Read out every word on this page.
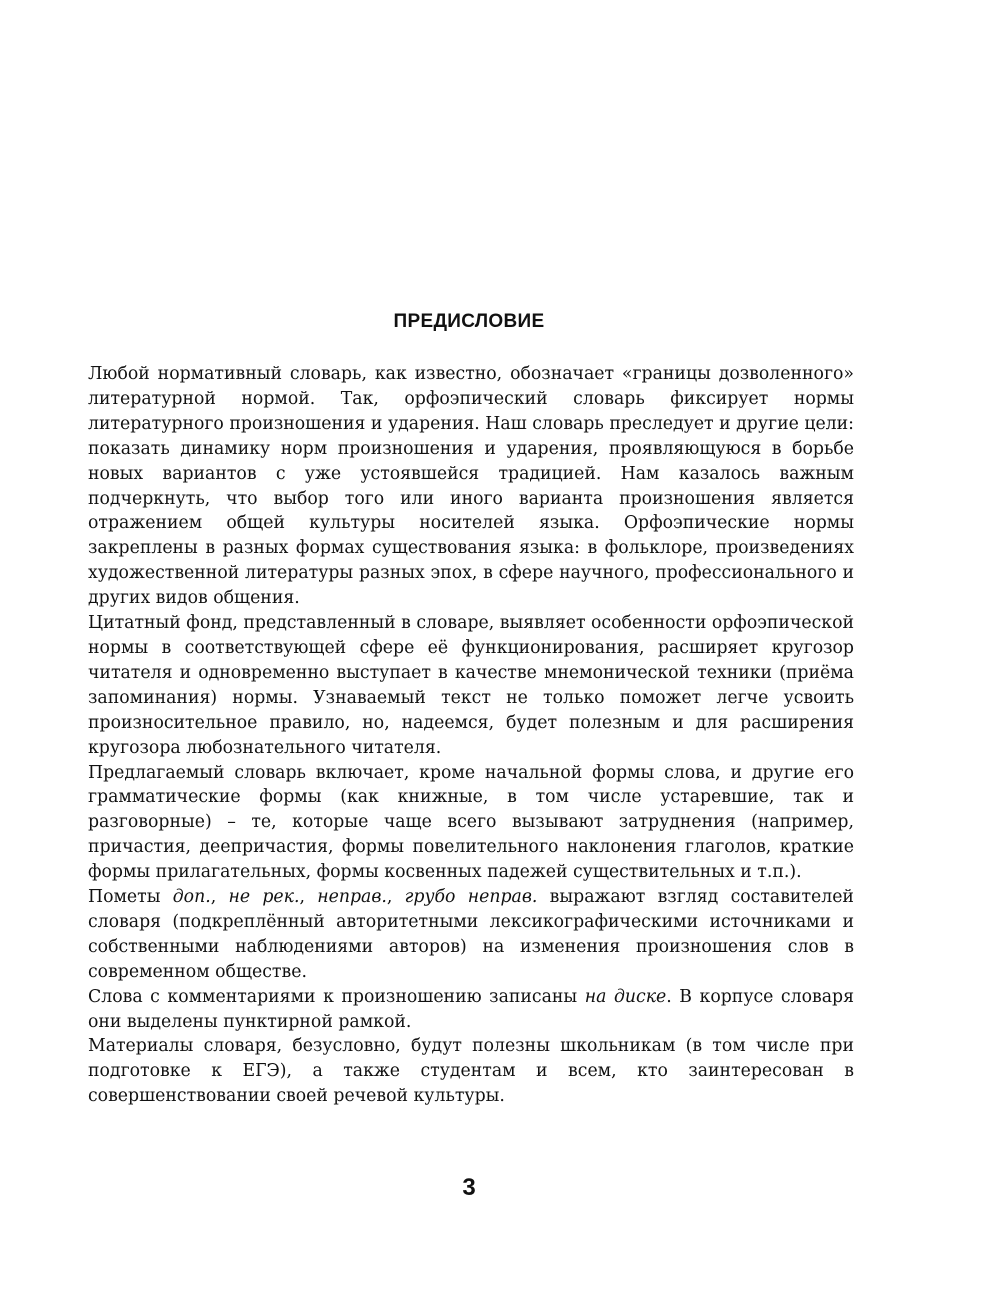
ПРЕДИСЛОВИЕ

Любой нормативный словарь, как известно, обозначает «границы дозволенного» литературной нормой. Так, орфоэпический словарь фиксирует нормы литературного произношения и ударения. Наш словарь преследует и другие цели: показать динамику норм произношения и ударения, проявляющуюся в борьбе новых вариантов с уже устоявшейся традицией. Нам казалось важным подчеркнуть, что выбор того или иного варианта произношения является отражением общей культуры носителей языка. Орфоэпические нормы закреплены в разных формах существования языка: в фольклоре, произведениях художественной литературы разных эпох, в сфере научного, профессионального и других видов общения.

Цитатный фонд, представленный в словаре, выявляет особенности орфоэпической нормы в соответствующей сфере её функционирования, расширяет кругозор читателя и одновременно выступает в качестве мнемонической техники (приёма запоминания) нормы. Узнаваемый текст не только поможет легче усвоить произносительное правило, но, надеемся, будет полезным и для расширения кругозора любознательного читателя.

Предлагаемый словарь включает, кроме начальной формы слова, и другие его грамматические формы (как книжные, в том числе устаревшие, так и разговорные) – те, которые чаще всего вызывают затруднения (например, причастия, деепричастия, формы повелительного наклонения глаголов, краткие формы прилагательных, формы косвенных падежей существительных и т.п.).

Пометы доп., не рек., неправ., грубо неправ. выражают взгляд составителей словаря (подкреплённый авторитетными лексикографическими источниками и собственными наблюдениями авторов) на изменения произношения слов в современном обществе.

Слова с комментариями к произношению записаны на диске. В корпусе словаря они выделены пунктирной рамкой.

Материалы словаря, безусловно, будут полезны школьникам (в том числе при подготовке к ЕГЭ), а также студентам и всем, кто заинтересован в совершенствовании своей речевой культуры.

3
